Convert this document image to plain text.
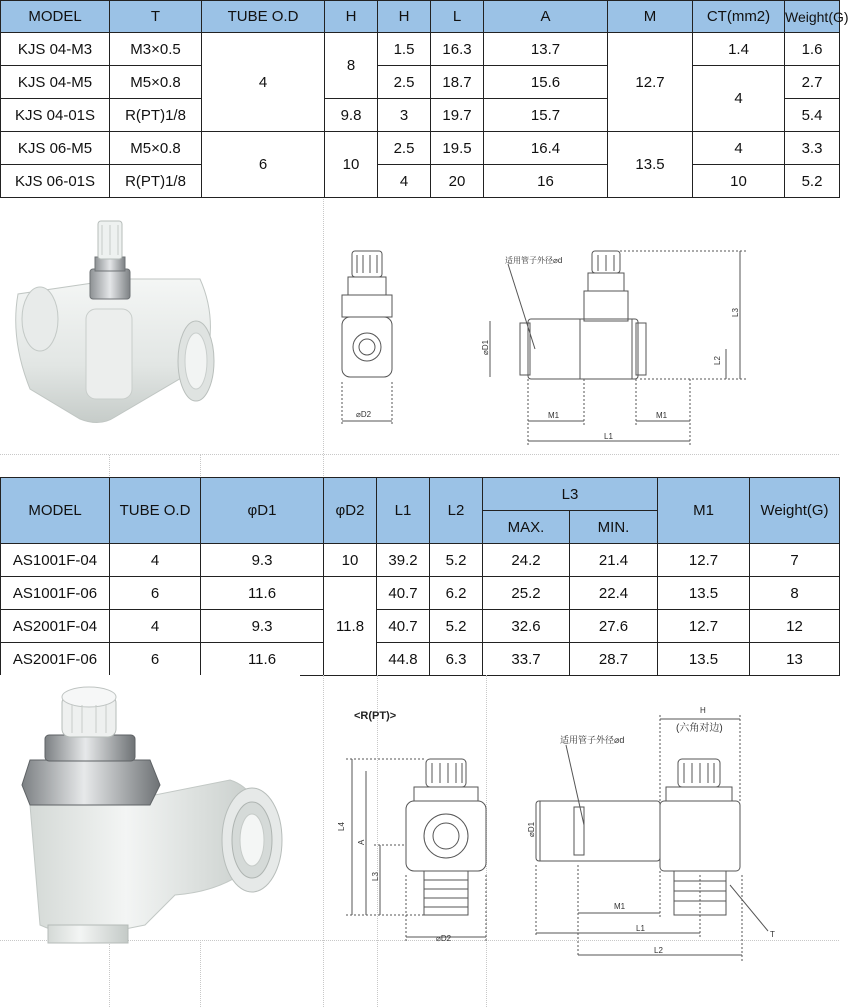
MODEL	T	TUBE O.D	H	H	L	A	M	CT(mm2)	Weight(G)
KJS 04-M3	M3×0.5	4	8	1.5	16.3	13.7	12.7	1.4	1.6
KJS 04-M5	M5×0.8			2.5	18.7	15.6		4	2.7
KJS 04-01S	R(PT)1/8		9.8	3	19.7	15.7			5.4
KJS 06-M5	M5×0.8	6	10	2.5	19.5	16.4	13.5	4	3.3
KJS 06-01S	R(PT)1/8			4	20	16		10	5.2
⌀D2
适用管子外径⌀d
⌀D1
M1	M1
L1
L2
L3
MODEL	TUBE O.D	φD1	φD2	L1	L2	L3		M1	Weight(G)
						MAX.	MIN.		
AS1001F-04	4	9.3	10	39.2	5.2	24.2	21.4	12.7	7
AS1001F-06	6	11.6	11.8	40.7	6.2	25.2	22.4	13.5	8
AS2001F-04	4	9.3		40.7	5.2	32.6	27.6	12.7	12
AS2001F-06	6	11.6		44.8	6.3	33.7	28.7	13.5	13
<R(PT)>
L4
A
L3
⌀D2
适用管子外径⌀d
H
(六角对边)
⌀D1
M1
L1
L2
T
